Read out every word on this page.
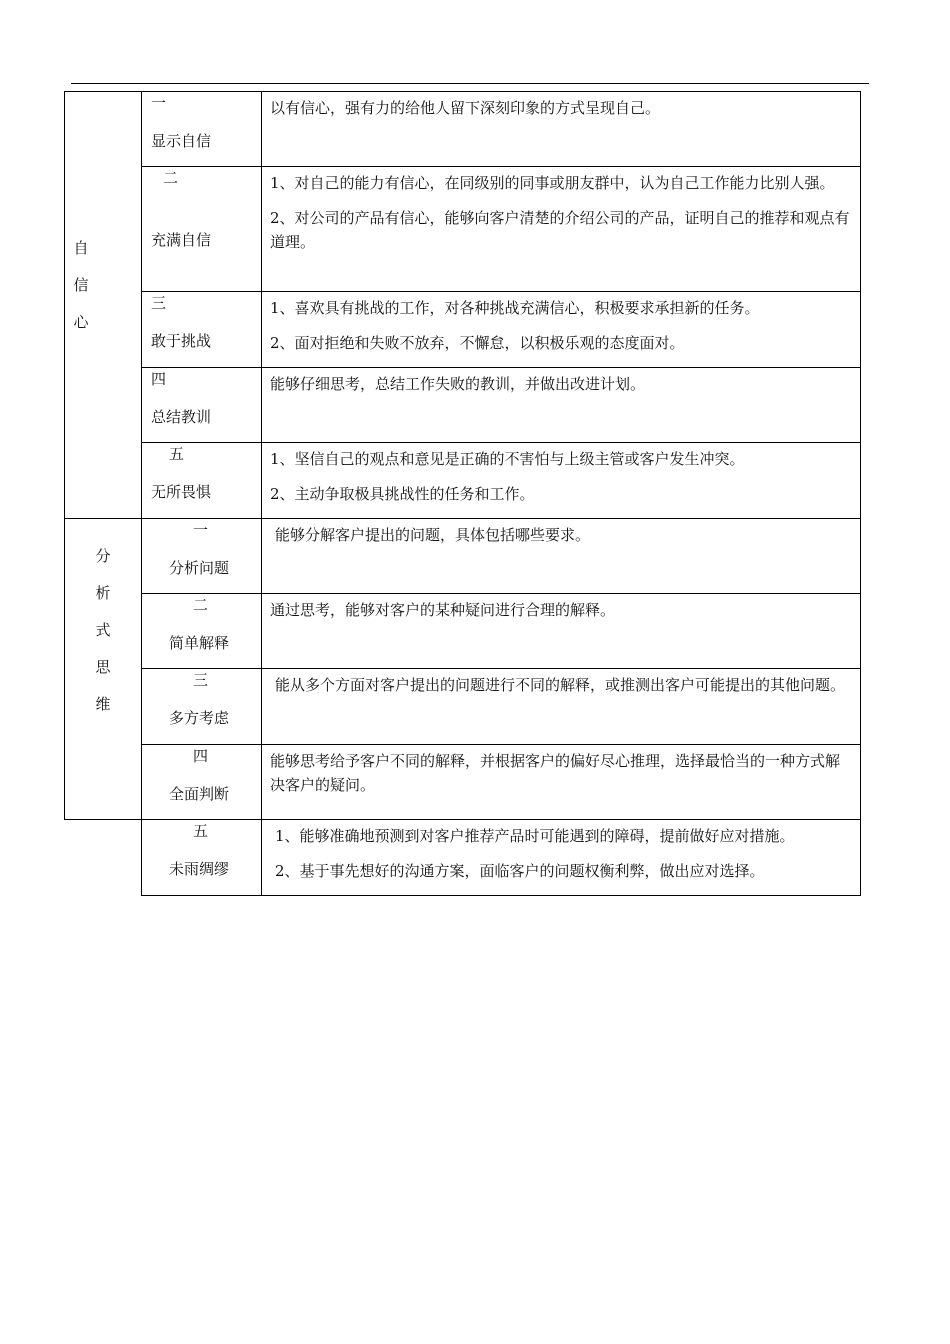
以有信心，强有力的给他人留下深刻印象的方式呈现自己。

1、对自己的能力有信心，在同级别的同事或朋友群中，认为自己工作能力比别人强。

2、对公司的产品有信心，能够向客户清楚的介绍公司的产品，证明自己的推荐和观点有道理。

1、喜欢具有挑战的工作，对各种挑战充满信心，积极要求承担新的任务。

2、面对拒绝和失败不放弃，不懈怠，以积极乐观的态度面对。

能够仔细思考，总结工作失败的教训，并做出改进计划。

1、坚信自己的观点和意见是正确的不害怕与上级主管或客户发生冲突。

2、主动争取极具挑战性的任务和工作。

能够分解客户提出的问题，具体包括哪些要求。

通过思考，能够对客户的某种疑问进行合理的解释。

能从多个方面对客户提出的问题进行不同的解释，或推测出客户可能提出的其他问题。

能够思考给予客户不同的解释，并根据客户的偏好尽心推理，选择最恰当的一种方式解决客户的疑问。

1、能够准确地预测到对客户推荐产品时可能遇到的障碍，提前做好应对措施。

2、基于事先想好的沟通方案，面临客户的问题权衡利弊，做出应对选择。

自
信
心
一
显示自信
二
充满自信
三
敢于挑战
四
总结教训
五
无所畏惧
分
析
式
思
维
一
分析问题
二
简单解释
三
多方考虑
四
全面判断
五
未雨绸缪
